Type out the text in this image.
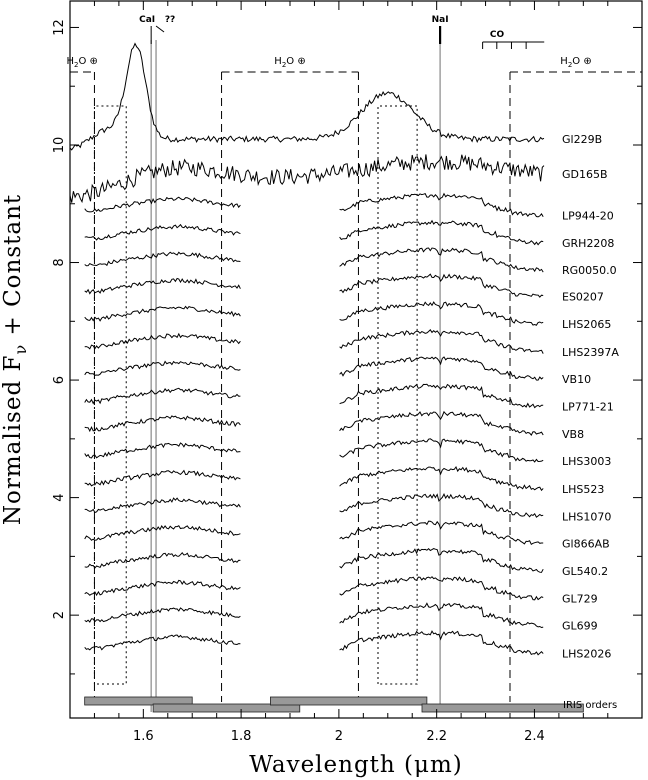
IRIS orders
Gl229B
GD165B
LP944-20
GRH2208
RG0050.0
ES0207
LHS2065
LHS2397A
VB10
LP771-21
VB8
LHS3003
LHS523
LHS1070
Gl866AB
GL540.2
GL729
GL699
LHS2026
$H_2O$ ⊕	$H_2O$ ⊕	$H_2O$ ⊕
CaI ??	NaI
CO
1.6	1.8	2	2.2	2.4
2
4
6
8
10
12
Wavelength (μm)
Normalised $F_\nu$ + Constant
